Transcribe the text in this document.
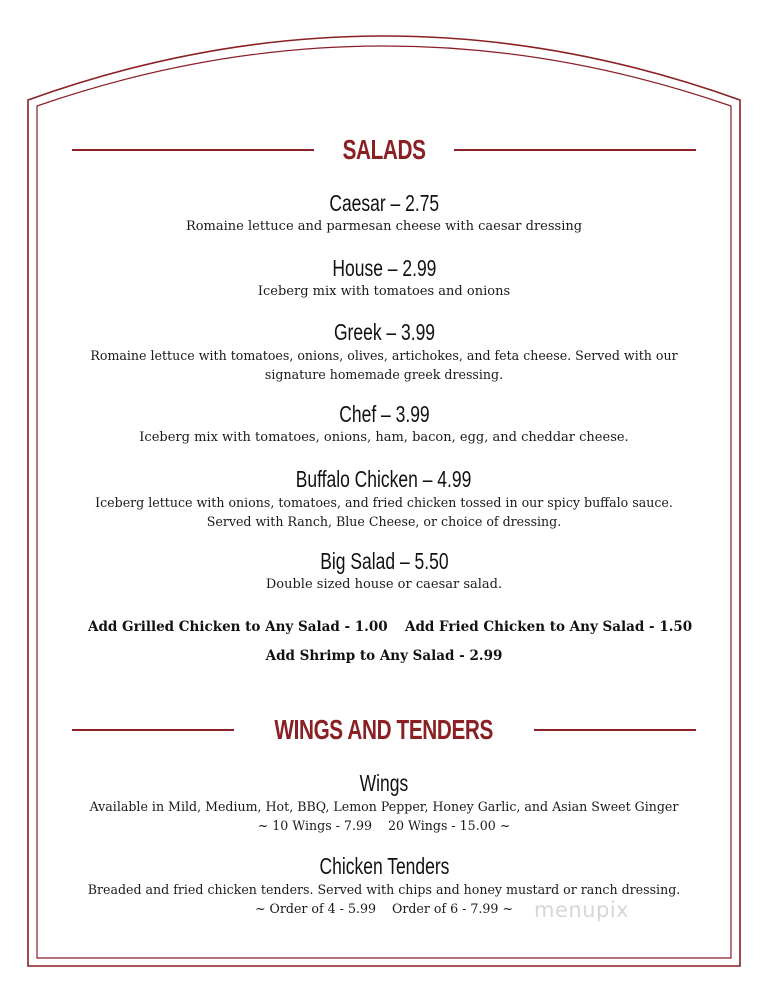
SALADS
Caesar – 2.75
Romaine lettuce and parmesan cheese with caesar dressing
House – 2.99
Iceberg mix with tomatoes and onions
Greek – 3.99
Romaine lettuce with tomatoes, onions, olives, artichokes, and feta cheese. Served with our
signature homemade greek dressing.
Chef – 3.99
Iceberg mix with tomatoes, onions, ham, bacon, egg, and cheddar cheese.
Buffalo Chicken – 4.99
Iceberg lettuce with onions, tomatoes, and fried chicken tossed in our spicy buffalo sauce.
Served with Ranch, Blue Cheese, or choice of dressing.
Big Salad – 5.50
Double sized house or caesar salad.
Add Grilled Chicken to Any Salad - 1.00 Add Fried Chicken to Any Salad - 1.50
Add Shrimp to Any Salad - 2.99
WINGS AND TENDERS
Wings
Available in Mild, Medium, Hot, BBQ, Lemon Pepper, Honey Garlic, and Asian Sweet Ginger
~ 10 Wings - 7.99    20 Wings - 15.00 ~
Chicken Tenders
Breaded and fried chicken tenders. Served with chips and honey mustard or ranch dressing.
~ Order of 4 - 5.99    Order of 6 - 7.99 ~	menupix
